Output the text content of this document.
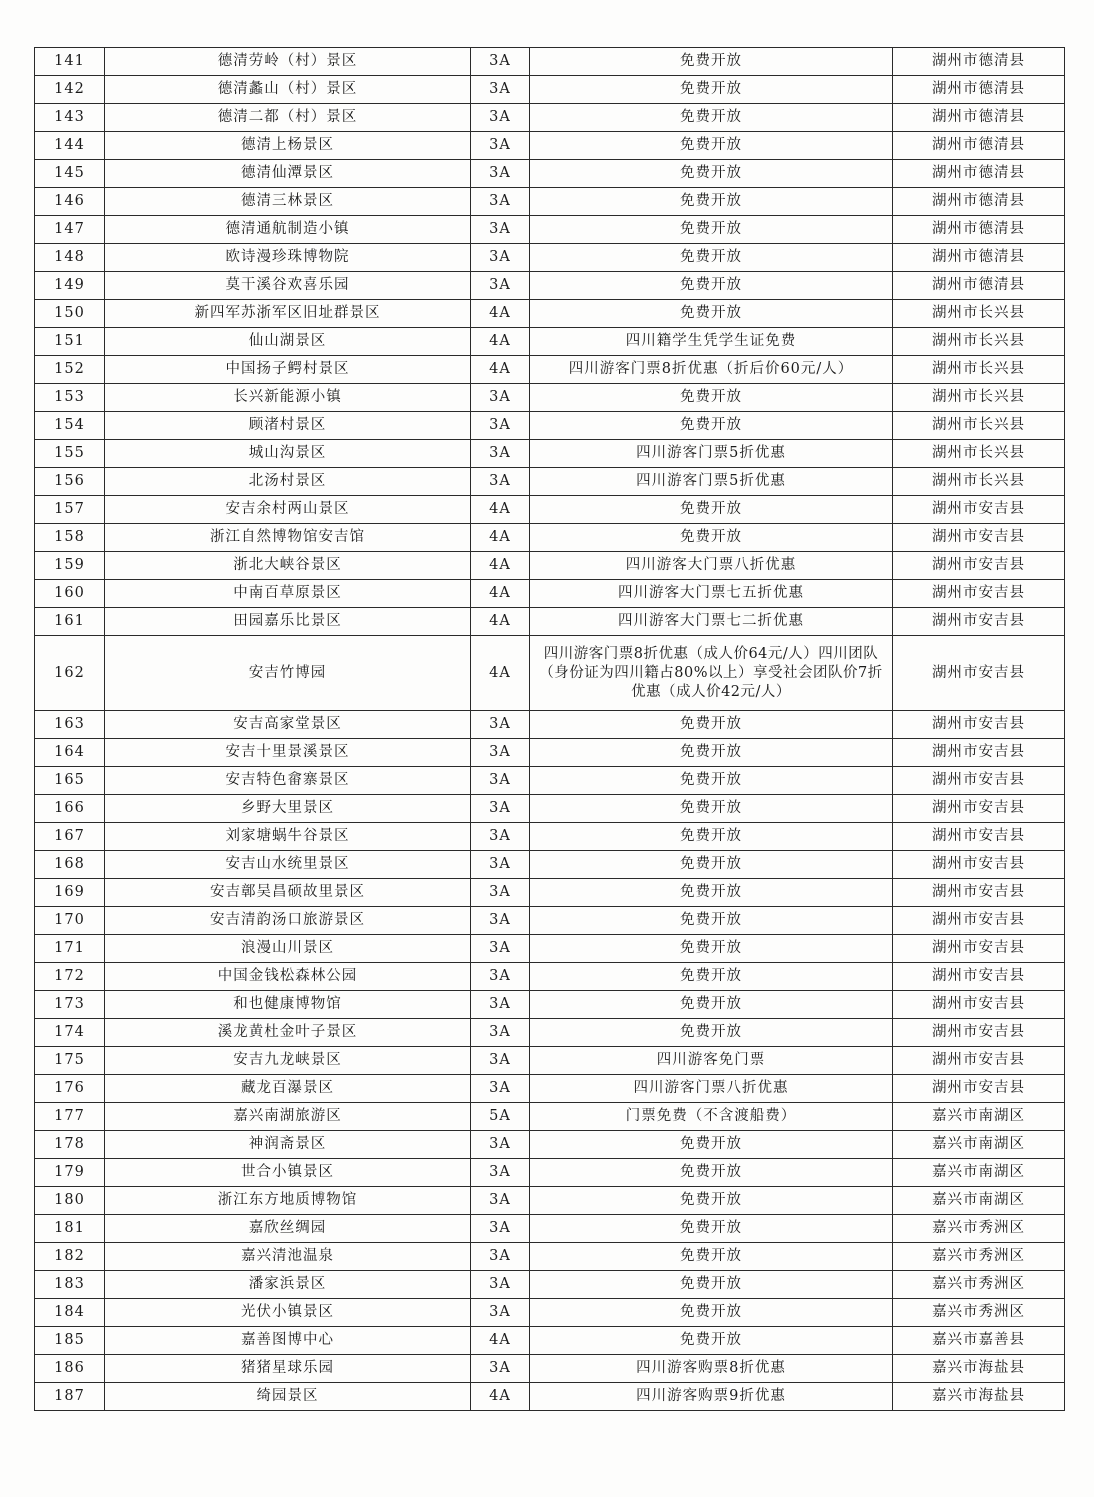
141	德清劳岭（村）景区	3A	免费开放	湖州市德清县
142	德清蠡山（村）景区	3A	免费开放	湖州市德清县
143	德清二都（村）景区	3A	免费开放	湖州市德清县
144	德清上杨景区	3A	免费开放	湖州市德清县
145	德清仙潭景区	3A	免费开放	湖州市德清县
146	德清三林景区	3A	免费开放	湖州市德清县
147	德清通航制造小镇	3A	免费开放	湖州市德清县
148	欧诗漫珍珠博物院	3A	免费开放	湖州市德清县
149	莫干溪谷欢喜乐园	3A	免费开放	湖州市德清县
150	新四军苏浙军区旧址群景区	4A	免费开放	湖州市长兴县
151	仙山湖景区	4A	四川籍学生凭学生证免费	湖州市长兴县
152	中国扬子鳄村景区	4A	四川游客门票8折优惠（折后价60元/人）	湖州市长兴县
153	长兴新能源小镇	3A	免费开放	湖州市长兴县
154	顾渚村景区	3A	免费开放	湖州市长兴县
155	城山沟景区	3A	四川游客门票5折优惠	湖州市长兴县
156	北汤村景区	3A	四川游客门票5折优惠	湖州市长兴县
157	安吉余村两山景区	4A	免费开放	湖州市安吉县
158	浙江自然博物馆安吉馆	4A	免费开放	湖州市安吉县
159	浙北大峡谷景区	4A	四川游客大门票八折优惠	湖州市安吉县
160	中南百草原景区	4A	四川游客大门票七五折优惠	湖州市安吉县
161	田园嘉乐比景区	4A	四川游客大门票七二折优惠	湖州市安吉县
162	安吉竹博园	4A	四川游客门票8折优惠（成人价64元/人）四川团队（身份证为四川籍占80%以上）享受社会团队价7折优惠（成人价42元/人）	湖州市安吉县
163	安吉高家堂景区	3A	免费开放	湖州市安吉县
164	安吉十里景溪景区	3A	免费开放	湖州市安吉县
165	安吉特色畲寨景区	3A	免费开放	湖州市安吉县
166	乡野大里景区	3A	免费开放	湖州市安吉县
167	刘家塘蜗牛谷景区	3A	免费开放	湖州市安吉县
168	安吉山水统里景区	3A	免费开放	湖州市安吉县
169	安吉鄣吴昌硕故里景区	3A	免费开放	湖州市安吉县
170	安吉清韵汤口旅游景区	3A	免费开放	湖州市安吉县
171	浪漫山川景区	3A	免费开放	湖州市安吉县
172	中国金钱松森林公园	3A	免费开放	湖州市安吉县
173	和也健康博物馆	3A	免费开放	湖州市安吉县
174	溪龙黄杜金叶子景区	3A	免费开放	湖州市安吉县
175	安吉九龙峡景区	3A	四川游客免门票	湖州市安吉县
176	藏龙百瀑景区	3A	四川游客门票八折优惠	湖州市安吉县
177	嘉兴南湖旅游区	5A	门票免费（不含渡船费）	嘉兴市南湖区
178	神润斋景区	3A	免费开放	嘉兴市南湖区
179	世合小镇景区	3A	免费开放	嘉兴市南湖区
180	浙江东方地质博物馆	3A	免费开放	嘉兴市南湖区
181	嘉欣丝绸园	3A	免费开放	嘉兴市秀洲区
182	嘉兴清池温泉	3A	免费开放	嘉兴市秀洲区
183	潘家浜景区	3A	免费开放	嘉兴市秀洲区
184	光伏小镇景区	3A	免费开放	嘉兴市秀洲区
185	嘉善图博中心	4A	免费开放	嘉兴市嘉善县
186	猪猪星球乐园	3A	四川游客购票8折优惠	嘉兴市海盐县
187	绮园景区	4A	四川游客购票9折优惠	嘉兴市海盐县
